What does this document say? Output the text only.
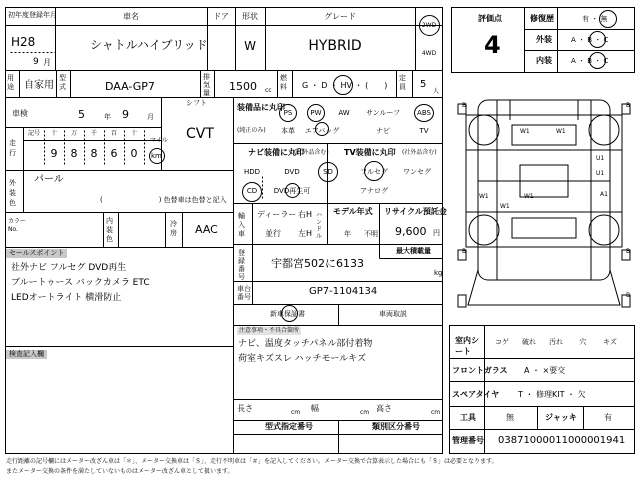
初年度登録年月
H28
9 月
車名
シャトルハイブリッド
ドア 形状
W
グレード
HYBRID
2WD
4WD
用途	自家用
型式	DAA-GP7
排気量 1500 cc
燃料	G ・ D ・ HV ・ (　　)
定員	5
人
車検	5	年 9	月
走行
記号 十 万 千 百 十
9 8 8 6 0
マイル
km
シフト
CVT
外装色
パール
(　　　　　　　　) 色替車は色替と記入
カラーNo.
内装色
冷房 AAC
セールスポイント
社外ナビ フルセグ DVD再生
ブルートゥース バックカメラ ETC
LEDオートライト 横滑防止
検査記入欄
装備品に丸印
(純正のみ)
PS	PW AW サンルーフ ABS
本革 エアバッグ	ナビ	TV
ナビ装備に丸印
(社外品含む)
HDD	DVD	SD
CD DVD再生可
TV装備に丸印 (社外品含む)
フルセグ ワンセグ
アナログ
輸入車
ディーラー
並行
右H
左H
ハンドル
モデル年式
年 不明
リサイクル預託金
9,600 円
登録番号
宇都宮502に6133
最大積載量
kg
車台番号	GP7-1104134
新車保証書	車両取説
注意事項・不具合箇所
ナビ、温度タッチパネル部付着物
荷室キズスレ ハッチモールキズ
長さ	cm 幅	cm 高さ	cm
型式指定番号	類別区分番号
評価点
4
修復歴	有 ・ 無
外装	A ・ B ・ C
内装	A ・ B ・ C
B	B
B	B
W1	W1
W1	W1
U1
U1
A1
W1
B
室内シート
コゲ 破れ 汚れ 穴 キズ
フロントガラス A ・ ×要交
スペアタイヤ T ・ 修理KIT ・ 欠
工具	無	ジャッキ	有
管理番号 03871000011000001941
走行距離の記号欄にはメーター改ざん車は「＊」、メーター交換車は「＄」、走行不明車は「＃」を記入してください。メーター交換で合算表示した場合にも「＄」は必要となります。
またメーター交換の条件を満たしていないものはメーター改ざん車として扱います。
